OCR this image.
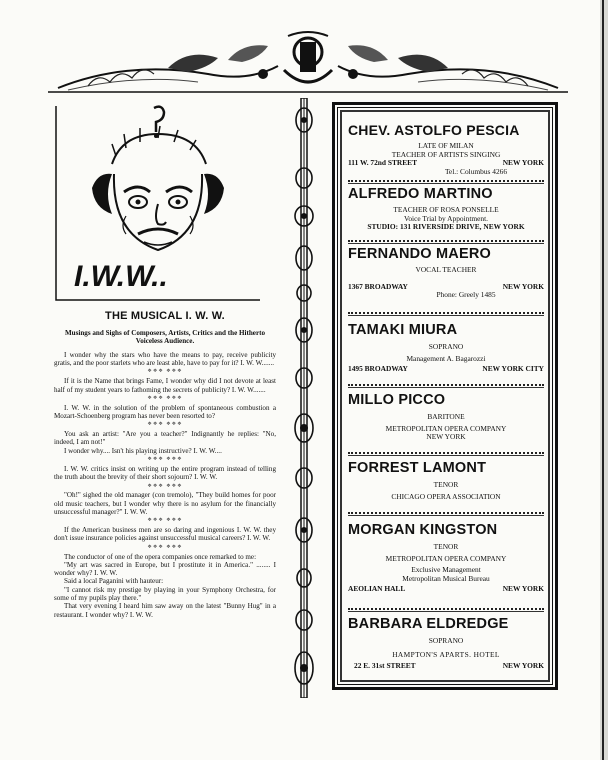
I.W.W..
THE MUSICAL I. W. W.
Musings and Sighs of Composers, Artists, Critics and the Hitherto Voiceless Audience.

I wonder why the stars who have the means to pay, receive publicity gratis, and the poor starlets who are least able, have to pay for it? I. W. W.......

❖❖❖ ❖❖❖

If it is the Name that brings Fame, I wonder why did I not devote at least half of my student years to fathoming the secrets of publicity? I. W. W.......

❖❖❖ ❖❖❖

I. W. W. in the solution of the problem of spontaneous combustion a Mozart-Schoenberg program has never been resorted to?

❖❖❖ ❖❖❖

You ask an artist: "Are you a teacher?" Indignantly he replies: "No, indeed, I am not!"

I wonder why.... Isn't his playing instructive? I. W. W....

❖❖❖ ❖❖❖

I. W. W. critics insist on writing up the entire program instead of telling the truth about the brevity of their short sojourn? I. W. W.

❖❖❖ ❖❖❖

"Oh!" sighed the old manager (con tremolo), "They build homes for poor old music teachers, but I wonder why there is no asylum for the financially unsuccessful manager?" I. W. W.

❖❖❖ ❖❖❖

If the American business men are so daring and ingenious I. W. W. they don't issue insurance policies against unsuccessful musical careers? I. W. W.

❖❖❖ ❖❖❖

The conductor of one of the opera companies once remarked to me:

"My art was sacred in Europe, but I prostitute it in America." ........ I wonder why? I. W. W.

Said a local Paganini with hauteur:

"I cannot risk my prestige by playing in your Symphony Orchestra, for some of my pupils play there."

That very evening I heard him saw away on the latest "Bunny Hug" in a restaurant. I wonder why? I. W. W.

CHEV. ASTOLFO PESCIA

LATE OF MILAN

TEACHER OF ARTISTS SINGING

111 W. 72nd STREET	NEW YORK

Tel.: Columbus 4266

ALFREDO MARTINO

TEACHER OF ROSA PONSELLE

Voice Trial by Appointment.

STUDIO: 131 RIVERSIDE DRIVE, NEW YORK

FERNANDO MAERO

VOCAL TEACHER

1367 BROADWAY	NEW YORK

Phone: Greely 1485

TAMAKI MIURA

SOPRANO

Management A. Bagarozzi

1495 BROADWAY	NEW YORK CITY

MILLO PICCO

BARITONE

METROPOLITAN OPERA COMPANY

NEW YORK

FORREST LAMONT

TENOR

CHICAGO OPERA ASSOCIATION

MORGAN KINGSTON

TENOR

METROPOLITAN OPERA COMPANY

Exclusive Management

Metropolitan Musical Bureau

AEOLIAN HALL	NEW YORK

BARBARA ELDREDGE

SOPRANO

HAMPTON'S APARTS. HOTEL

22 E. 31st STREET	NEW YORK
